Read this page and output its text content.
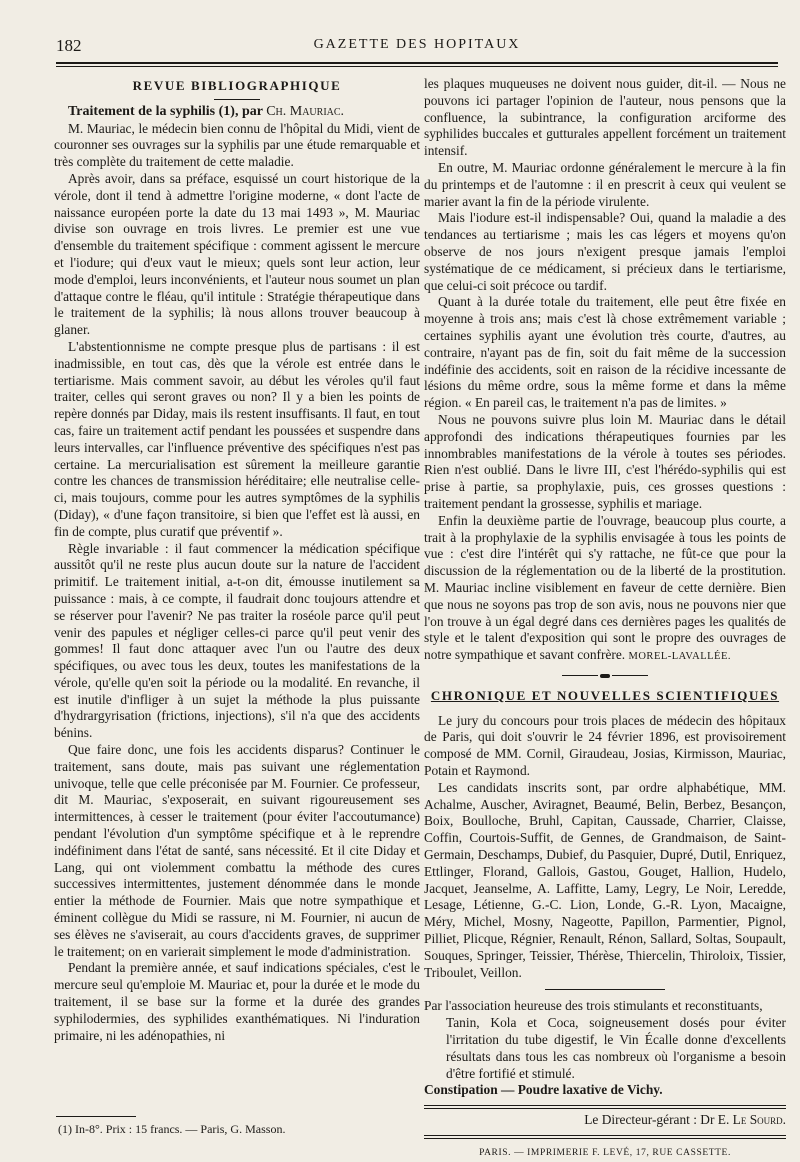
182	GAZETTE DES HOPITAUX
REVUE BIBLIOGRAPHIQUE

Traitement de la syphilis (1), par Ch. Mauriac.

M. Mauriac, le médecin bien connu de l'hôpital du Midi, vient de couronner ses ouvrages sur la syphilis par une étude remarquable et très complète du traitement de cette maladie.

Après avoir, dans sa préface, esquissé un court historique de la vérole, dont il tend à admettre l'origine moderne, « dont l'acte de naissance européen porte la date du 13 mai 1493 », M. Mauriac divise son ouvrage en trois livres. Le premier est une vue d'ensemble du traitement spécifique : comment agissent le mercure et l'iodure; qui d'eux vaut le mieux; quels sont leur action, leur mode d'emploi, leurs inconvénients, et l'auteur nous soumet un plan d'attaque contre le fléau, qu'il intitule : Stratégie thérapeutique dans le traitement de la syphilis; là nous allons trouver beaucoup à glaner.

L'abstentionnisme ne compte presque plus de partisans : il est inadmissible, en tout cas, dès que la vérole est entrée dans le tertiarisme. Mais comment savoir, au début les véroles qu'il faut traiter, celles qui seront graves ou non? Il y a bien les points de repère donnés par Diday, mais ils restent insuffisants. Il faut, en tout cas, faire un traitement actif pendant les poussées et suspendre dans leurs intervalles, car l'influence préventive des spécifiques n'est pas certaine. La mercurialisation est sûrement la meilleure garantie contre les chances de transmission héréditaire; elle neutralise celle-ci, mais toujours, comme pour les autres symptômes de la syphilis (Diday), « d'une façon transitoire, si bien que l'effet est là aussi, en fin de compte, plus curatif que préventif ».

Règle invariable : il faut commencer la médication spécifique aussitôt qu'il ne reste plus aucun doute sur la nature de l'accident primitif. Le traitement initial, a-t-on dit, émousse inutilement sa puissance : mais, à ce compte, il faudrait donc toujours attendre et se réserver pour l'avenir? Ne pas traiter la roséole parce qu'il peut venir des papules et négliger celles-ci parce qu'il peut venir des gommes! Il faut donc attaquer avec l'un ou l'autre des deux spécifiques, ou avec tous les deux, toutes les manifestations de la vérole, qu'elle qu'en soit la période ou la modalité. En revanche, il est inutile d'infliger à un sujet la méthode la plus puissante d'hydrargyrisation (frictions, injections), s'il n'a que des accidents bénins.

Que faire donc, une fois les accidents disparus? Continuer le traitement, sans doute, mais pas suivant une réglementation univoque, telle que celle préconisée par M. Fournier. Ce professeur, dit M. Mauriac, s'exposerait, en suivant rigoureusement ses intermittences, à cesser le traitement (pour éviter l'accoutumance) pendant l'évolution d'un symptôme spécifique et à le reprendre indéfiniment dans l'état de santé, sans nécessité. Et il cite Diday et Lang, qui ont violemment combattu la méthode des cures successives intermittentes, justement dénommée dans le monde entier la méthode de Fournier. Mais que notre sympathique et éminent collègue du Midi se rassure, ni M. Fournier, ni aucun de ses élèves ne s'aviserait, au cours d'accidents graves, de supprimer le traitement; on en varierait simplement le mode d'administration.

Pendant la première année, et sauf indications spéciales, c'est le mercure seul qu'emploie M. Mauriac et, pour la durée et le mode du traitement, il se base sur la forme et la durée des grandes syphilodermies, des syphilides exanthématiques. Ni l'induration primaire, ni les adénopathies, ni

les plaques muqueuses ne doivent nous guider, dit-il. — Nous ne pouvons ici partager l'opinion de l'auteur, nous pensons que la confluence, la subintrance, la configuration arciforme des syphilides buccales et gutturales appellent forcément un traitement intensif.

En outre, M. Mauriac ordonne généralement le mercure à la fin du printemps et de l'automne : il en prescrit à ceux qui veulent se marier avant la fin de la période virulente.

Mais l'iodure est-il indispensable? Oui, quand la maladie a des tendances au tertiarisme ; mais les cas légers et moyens qu'on observe de nos jours n'exigent presque jamais l'emploi systématique de ce médicament, si précieux dans le tertiarisme, que celui-ci soit précoce ou tardif.

Quant à la durée totale du traitement, elle peut être fixée en moyenne à trois ans; mais c'est là chose extrêmement variable ; certaines syphilis ayant une évolution très courte, d'autres, au contraire, n'ayant pas de fin, soit du fait même de la succession indéfinie des accidents, soit en raison de la récidive incessante de lésions du même ordre, sous la même forme et dans la même région. « En pareil cas, le traitement n'a pas de limites. »

Nous ne pouvons suivre plus loin M. Mauriac dans le détail approfondi des indications thérapeutiques fournies par les innombrables manifestations de la vérole à toutes ses périodes. Rien n'est oublié. Dans le livre III, c'est l'hérédo-syphilis qui est prise à partie, sa prophylaxie, puis, ces grosses questions : traitement pendant la grossesse, syphilis et mariage.

Enfin la deuxième partie de l'ouvrage, beaucoup plus courte, a trait à la prophylaxie de la syphilis envisagée à tous les points de vue : c'est dire l'intérêt qui s'y rattache, ne fût-ce que pour la discussion de la réglementation ou de la liberté de la prostitution. M. Mauriac incline visiblement en faveur de cette dernière. Bien que nous ne soyons pas trop de son avis, nous ne pouvons nier que l'on trouve à un égal degré dans ces dernières pages les qualités de style et le talent d'exposition qui sont le propre des ouvrages de notre sympathique et savant confrère. MOREL-LAVALLÉE.

CHRONIQUE ET NOUVELLES SCIENTIFIQUES

Le jury du concours pour trois places de médecin des hôpitaux de Paris, qui doit s'ouvrir le 24 février 1896, est provisoirement composé de MM. Cornil, Giraudeau, Josias, Kirmisson, Mauriac, Potain et Raymond.

Les candidats inscrits sont, par ordre alphabétique, MM. Achalme, Auscher, Aviragnet, Beaumé, Belin, Berbez, Besançon, Boix, Boulloche, Bruhl, Capitan, Caussade, Charrier, Claisse, Coffin, Courtois-Suffit, de Gennes, de Grandmaison, de Saint-Germain, Deschamps, Dubief, du Pasquier, Dupré, Dutil, Enriquez, Ettlinger, Florand, Gallois, Gastou, Gouget, Hallion, Hudelo, Jacquet, Jeanselme, A. Laffitte, Lamy, Legry, Le Noir, Leredde, Lesage, Létienne, G.-C. Lion, Londe, G.-R. Lyon, Macaigne, Méry, Michel, Mosny, Nageotte, Papillon, Parmentier, Pignol, Pilliet, Plicque, Régnier, Renault, Rénon, Sallard, Soltas, Soupault, Souques, Springer, Teissier, Thérèse, Thiercelin, Thiroloix, Tissier, Triboulet, Veillon.

Par l'association heureuse des trois stimulants et reconstituants,

Tanin, Kola et Coca, soigneusement dosés pour éviter l'irritation du tube digestif, le Vin Écalle donne d'excellents résultats dans tous les cas nombreux où l'organisme a besoin d'être fortifié et stimulé.

Constipation — Poudre laxative de Vichy.

Le Directeur-gérant : Dr E. Le Sourd.
PARIS. — IMPRIMERIE F. LEVÉ, 17, RUE CASSETTE.
(1) In-8°. Prix : 15 francs. — Paris, G. Masson.
